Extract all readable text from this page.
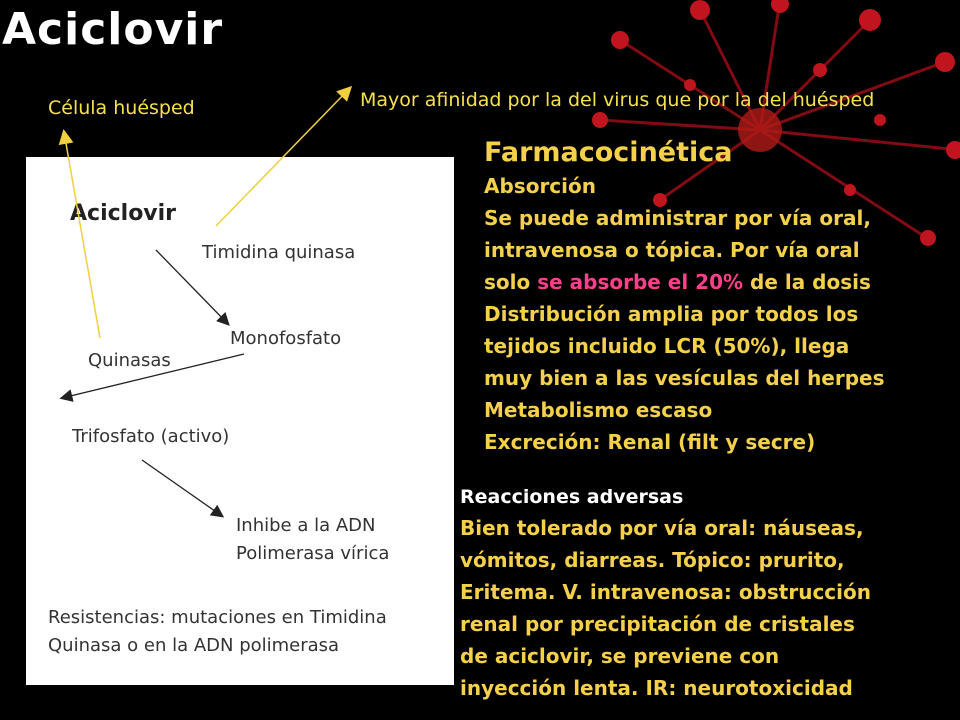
Aciclovir
Célula huésped	Mayor afinidad por la del virus que por la del huésped
Aciclovir
Timidina quinasa
Monofosfato
Quinasas
Trifosfato (activo)
Inhibe a la ADN
Polimerasa vírica
Resistencias: mutaciones en Timidina
Quinasa o en la ADN polimerasa
Farmacocinética
Absorción
Se puede administrar por vía oral,
intravenosa o tópica. Por vía oral
solo se absorbe el 20% de la dosis
Distribución amplia por todos los
tejidos incluido LCR (50%), llega
muy bien a las vesículas del herpes
Metabolismo escaso
Excreción: Renal (filt y secre)
Reacciones adversas
Bien tolerado por vía oral: náuseas,
vómitos, diarreas. Tópico: prurito,
Eritema. V. intravenosa: obstrucción
renal por precipitación de cristales
de aciclovir, se previene con
inyección lenta. IR: neurotoxicidad
